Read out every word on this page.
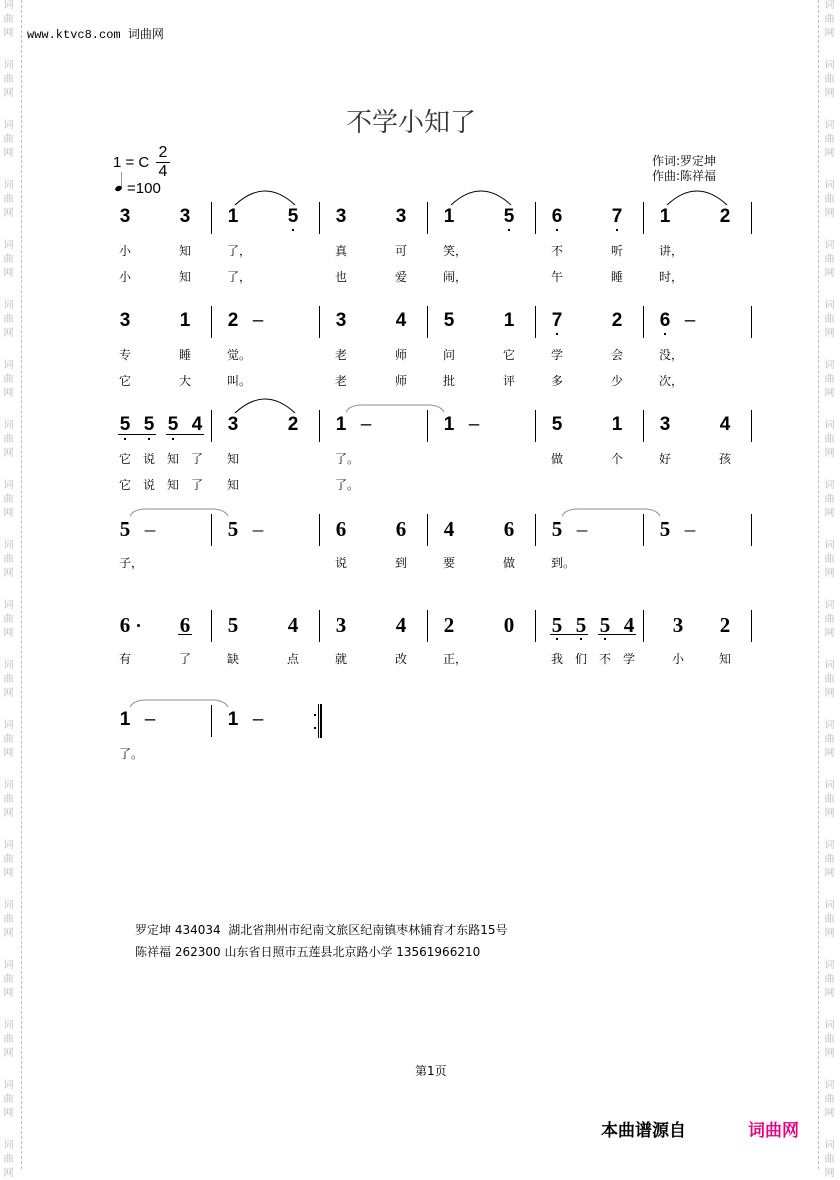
词
曲
网
词
曲
网
词
曲
网
词
曲
网
词
曲
网
词
曲
网
词
曲
网
词
曲
网
词
曲
网
词
曲
网
词
曲
网
词
曲
网
词
曲
网
词
曲
网
词
曲
网
词
曲
网
词
曲
网
词
曲
网
词
曲
网
词
曲
网
词
曲
网
词
曲
网
词
曲
网
词
曲
网
词
曲
网
词
曲
网
词
曲
网
词
曲
网
词
曲
网
词
曲
网
词
曲
网
词
曲
网
词
曲
网
词
曲
网
词
曲
网
词
曲
网
词
曲
网
词
曲
网
词
曲
网
词
曲
网
www.ktvc8.com 词曲网
不学小知了
1 = C
2
4
=100
作词:罗定坤
作曲:陈祥福
3	3
小	知
小	知
1	5
了，
了，
3	3
真	可
也	爱
1	5
笑，
闹，
6	7
不	听
午	睡
1	2
讲，
时，
3	1
专	睡
它	大
2 –
觉。
叫。
3	4
老	师
老	师
5	1
问	它
批	评
7	2
学	会
多	少
6 –
没，
次，
5 5 5 4
它 说 知 了
它 说 知 了
3	2
知
知
1 –
了。
了。
1 –	5	1
做	个
3	4
好	孩
5 –
子，
5 –	6	6
说	到
4	6
要	做
5 –
到。
5 –
6	6
有	了
5	4
缺	点
3	4
就	改
2	0
正，
5 5 5 4
我 们 不 学
3	2
小	知
1 –
了。
1 –
罗定坤 434034  湖北省荆州市纪南文旅区纪南镇枣林铺育才东路15号
陈祥福 262300 山东省日照市五莲县北京路小学 13561966210
第1页
本曲谱源自	词曲网
